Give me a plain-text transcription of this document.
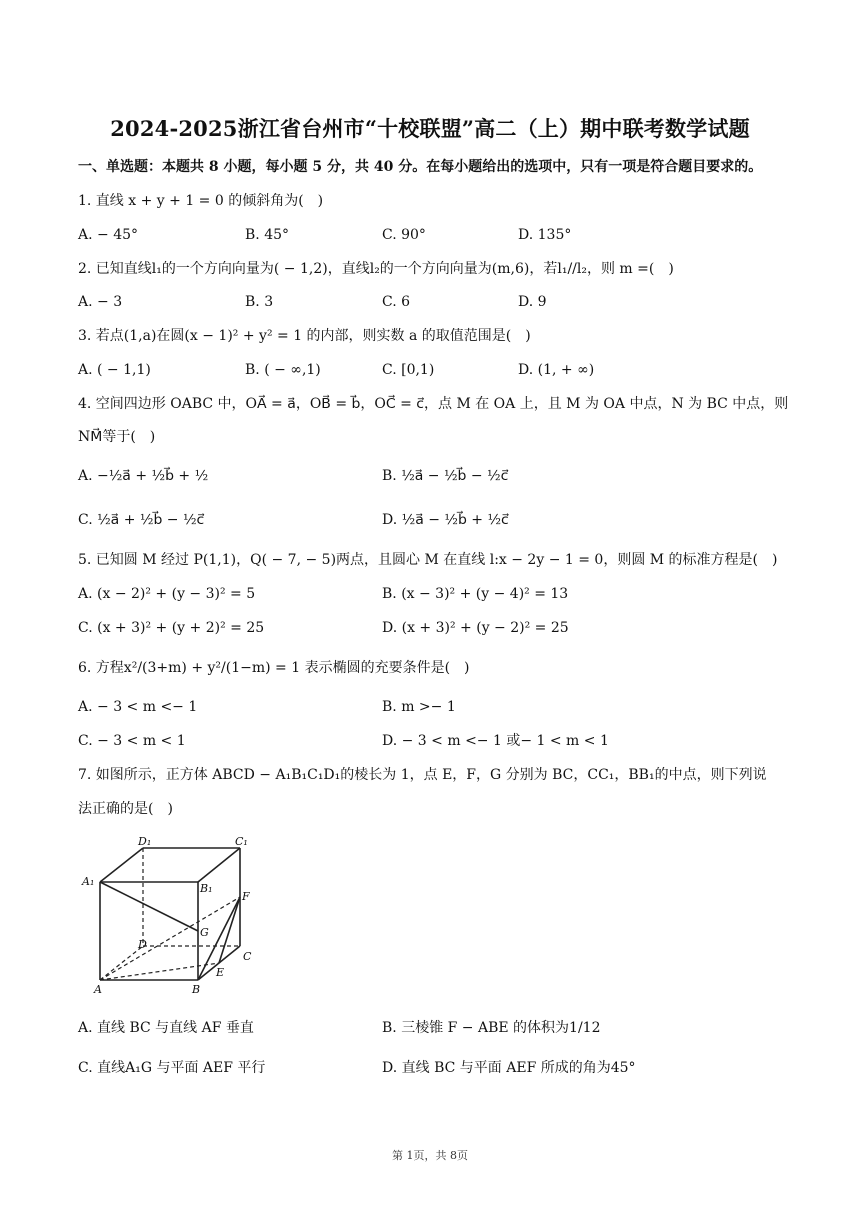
2024-2025浙江省台州市“十校联盟”高二（上）期中联考数学试题
一、单选题：本题共 8 小题，每小题 5 分，共 40 分。在每小题给出的选项中，只有一项是符合题目要求的。
1. 直线 x + y + 1 = 0 的倾斜角为(　)
A. − 45°	B. 45°	C. 90°	D. 135°
2. 已知直线l₁的一个方向向量为( − 1,2)，直线l₂的一个方向向量为(m,6)，若l₁//l₂，则 m =(　)
A. − 3	B. 3	C. 6	D. 9
3. 若点(1,a)在圆(x − 1)² + y² = 1 的内部，则实数 a 的取值范围是(　)
A. ( − 1,1)	B. ( − ∞,1)	C. [0,1)	D. (1, + ∞)
4. 空间四边形 OABC 中，OA⃗ = a⃗，OB⃗ = b⃗，OC⃗ = c⃗，点 M 在 OA 上，且 M 为 OA 中点，N 为 BC 中点，则
NM⃗等于(　)
A. −½a⃗ + ½b⃗ + ½	B. ½a⃗ − ½b⃗ − ½c⃗
C. ½a⃗ + ½b⃗ − ½c⃗	D. ½a⃗ − ½b⃗ + ½c⃗
5. 已知圆 M 经过 P(1,1)，Q( − 7, − 5)两点，且圆心 M 在直线 l:x − 2y − 1 = 0，则圆 M 的标准方程是(　)
A. (x − 2)² + (y − 3)² = 5	B. (x − 3)² + (y − 4)² = 13
C. (x + 3)² + (y + 2)² = 25	D. (x + 3)² + (y − 2)² = 25
6. 方程x²/(3+m) + y²/(1−m) = 1 表示椭圆的充要条件是(　)
A. − 3 < m <− 1	B. m >− 1
C. − 3 < m < 1	D. − 3 < m <− 1 或− 1 < m < 1
7. 如图所示，正方体 ABCD − A₁B₁C₁D₁的棱长为 1，点 E，F，G 分别为 BC，CC₁，BB₁的中点，则下列说
法正确的是(　)
D₁	C₁
A₁
B₁
F
G
D
C
E
A	B
A. 直线 BC 与直线 AF 垂直	B. 三棱锥 F − ABE 的体积为1/12
C. 直线A₁G 与平面 AEF 平行	D. 直线 BC 与平面 AEF 所成的角为45°
第 1页，共 8页
